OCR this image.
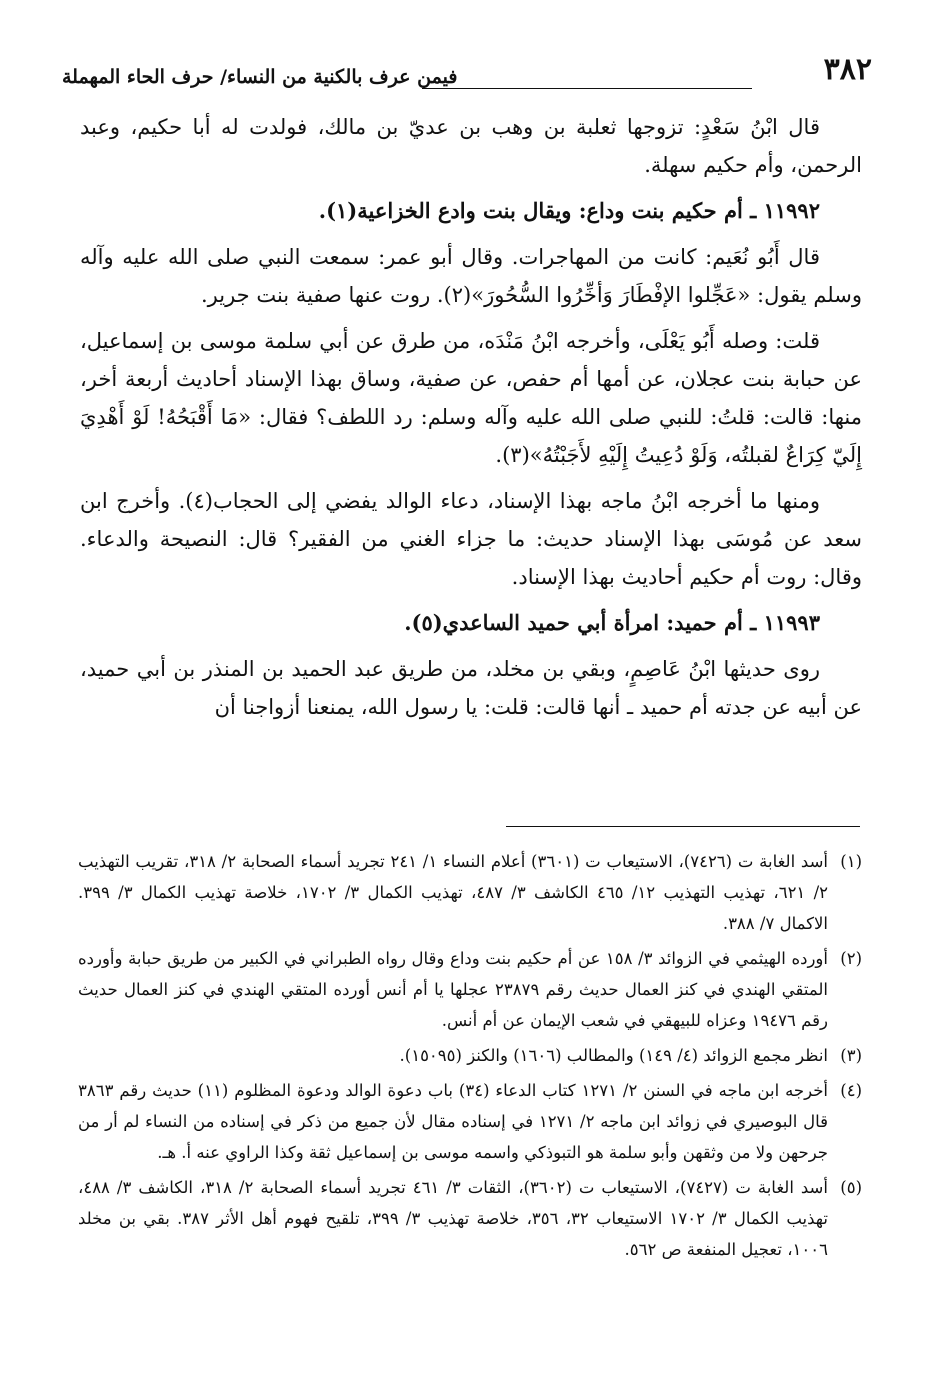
٣٨٢
فيمن عرف بالكنية من النساء/ حرف الحاء المهملة

قال ابْنُ سَعْدٍ: تزوجها ثعلبة بن وهب بن عديّ بن مالك، فولدت له أبا حكيم، وعبد الرحمن، وأم حكيم سهلة.

١١٩٩٢ ـ أم حكيم بنت وداع: ويقال بنت وادع الخزاعية(١).

قال أَبُو نُعَيم: كانت من المهاجرات. وقال أبو عمر: سمعت النبي صلى الله عليه وآله وسلم يقول: «عَجِّلوا الإفْطَارَ وَأخِّرُوا السُّحُورَ»(٢). روت عنها صفية بنت جرير.

قلت: وصله أَبُو يَعْلَى، وأخرجه ابْنُ مَنْدَه، من طرق عن أبي سلمة موسى بن إسماعيل، عن حبابة بنت عجلان، عن أمها أم حفص، عن صفية، وساق بهذا الإسناد أحاديث أربعة أخر، منها: قالت: قلتُ: للنبي صلى الله عليه وآله وسلم: رد اللطف؟ فقال: «مَا أَقْبَحُهُ! لَوْ أَهْدِيَ إِلَيّ كِرَاعٌ لقبلتُه، وَلَوْ دُعِيتُ إِلَيْهِ لأَجَبْتُهُ»(٣).

ومنها ما أخرجه ابْنُ ماجه بهذا الإسناد، دعاء الوالد يفضي إلى الحجاب(٤). وأخرج ابن سعد عن مُوسَى بهذا الإسناد حديث: ما جزاء الغني من الفقير؟ قال: النصيحة والدعاء. وقال: روت أم حكيم أحاديث بهذا الإسناد.

١١٩٩٣ ـ أم حميد: امرأة أبي حميد الساعدي(٥).

روى حديثها ابْنُ عَاصِمٍ، وبقي بن مخلد، من طريق عبد الحميد بن المنذر بن أبي حميد، عن أبيه عن جدته أم حميد ـ أنها قالت: قلت: يا رسول الله، يمنعنا أزواجنا أن

(١)
أسد الغابة ت (٧٤٢٦)، الاستيعاب ت (٣٦٠١) أعلام النساء ١/ ٢٤١ تجريد أسماء الصحابة ٢/ ٣١٨، تقريب التهذيب ٢/ ٦٢١، تهذيب التهذيب ١٢/ ٤٦٥ الكاشف ٣/ ٤٨٧، تهذيب الكمال ٣/ ١٧٠٢، خلاصة تهذيب الكمال ٣/ ٣٩٩. الاكمال ٧/ ٣٨٨.
(٢)
أورده الهيثمي في الزوائد ٣/ ١٥٨ عن أم حكيم بنت وداع وقال رواه الطبراني في الكبير من طريق حبابة وأورده المتقي الهندي في كنز العمال حديث رقم ٢٣٨٧٩ عجلها يا أم أنس أورده المتقي الهندي في كنز العمال حديث رقم ١٩٤٧٦ وعزاه للبيهقي في شعب الإيمان عن أم أنس.
(٣)
انظر مجمع الزوائد (٤/ ١٤٩) والمطالب (١٦٠٦) والكنز (١٥٠٩٥).
(٤)
أخرجه ابن ماجه في السنن ٢/ ١٢٧١ كتاب الدعاء (٣٤) باب دعوة الوالد ودعوة المظلوم (١١) حديث رقم ٣٨٦٣ قال البوصيري في زوائد ابن ماجه ٢/ ١٢٧١ في إسناده مقال لأن جميع من ذكر في إسناده من النساء لم أر من جرحهن ولا من وثقهن وأبو سلمة هو التبوذكي واسمه موسى بن إسماعيل ثقة وكذا الراوي عنه أ. هـ.
(٥)
أسد الغابة ت (٧٤٢٧)، الاستيعاب ت (٣٦٠٢)، الثقات ٣/ ٤٦١ تجريد أسماء الصحابة ٢/ ٣١٨، الكاشف ٣/ ٤٨٨، تهذيب الكمال ٣/ ١٧٠٢ الاستيعاب ٣٢، ٣٥٦، خلاصة تهذيب ٣/ ٣٩٩، تلقيح فهوم أهل الأثر ٣٨٧. بقي بن مخلد ١٠٠٦، تعجيل المنفعة ص ٥٦٢.
